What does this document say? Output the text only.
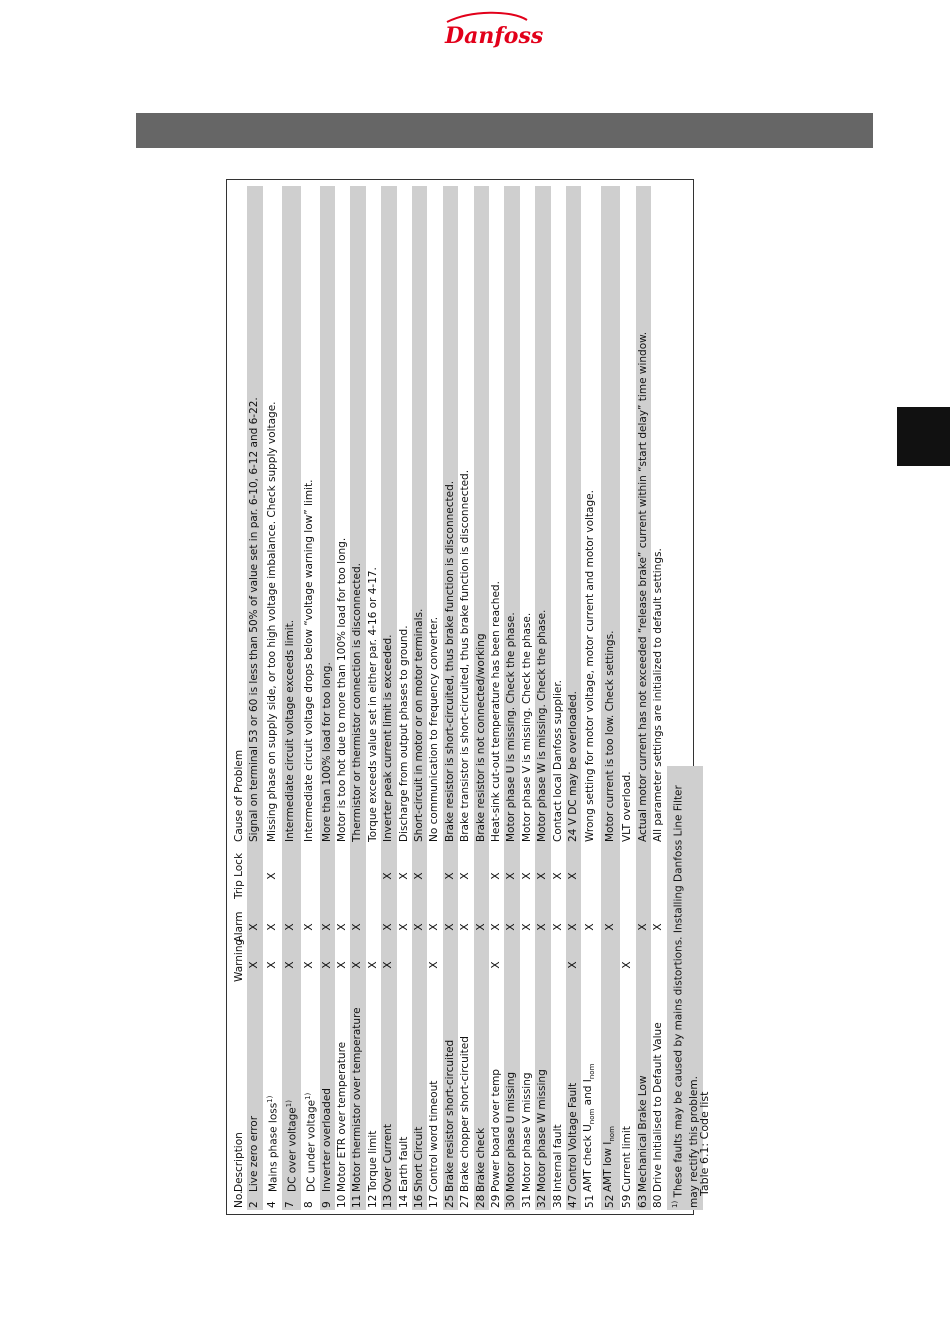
Danfoss
No.	Description	Warning	Alarm	Trip Lock	Cause of Problem
2	Live zero error	X	X		Signal on terminal 53 or 60 is less than 50% of value set in par. 6-10, 6-12 and 6-22.
4	Mains phase loss$^{1)}$	X	X	X	Missing phase on supply side, or too high voltage imbalance. Check supply voltage.
7	DC over voltage$^{1)}$	X	X		Intermediate circuit voltage exceeds limit.
8	DC under voltage$^{1)}$	X	X		Intermediate circuit voltage drops below “voltage warning low” limit.
9	Inverter overloaded	X	X		More than 100% load for too long.
10	Motor ETR over temperature	X	X		Motor is too hot due to more than 100% load for too long.
11	Motor thermistor over temperature	X	X		Thermistor or thermistor connection is disconnected.
12	Torque limit	X			Torque exceeds value set in either par. 4-16 or 4-17.
13	Over Current	X	X	X	Inverter peak current limit is exceeded.
14	Earth fault		X	X	Discharge from output phases to ground.
16	Short Circuit		X	X	Short-circuit in motor or on motor terminals.
17	Control word timeout	X	X		No communication to frequency converter.
25	Brake resistor short-circuited		X	X	Brake resistor is short-circuited, thus brake function is disconnected.
27	Brake chopper short-circuited		X	X	Brake transistor is short-circuited, thus brake function is disconnected.
28	Brake check		X		Brake resistor is not connected/working
29	Power board over temp	X	X	X	Heat-sink cut-out temperature has been reached.
30	Motor phase U missing		X	X	Motor phase U is missing. Check the phase.
31	Motor phase V missing		X	X	Motor phase V is missing. Check the phase.
32	Motor phase W missing		X	X	Motor phase W is missing. Check the phase.
38	Internal fault		X	X	Contact local Danfoss supplier.
47	Control Voltage Fault	X	X	X	24 V DC may be overloaded.
51	AMT check $U_{nom}$ and $I_{nom}$		X		Wrong setting for motor voltage, motor current and motor voltage.
52	AMT low $I_{nom}$		X		Motor current is too low. Check settings.
59	Current limit	X			VLT overload.
63	Mechanical Brake Low		X		Actual motor current has not exceeded “release brake” current within “start delay” time window.
80	Drive Initialised to Default Value		X		All parameter settings are initialized to default settings.
$^{1)}$ These faults may be caused by mains distortions. Installing Danfoss Line Filter may rectify this problem.
Table 6.1: Code list
